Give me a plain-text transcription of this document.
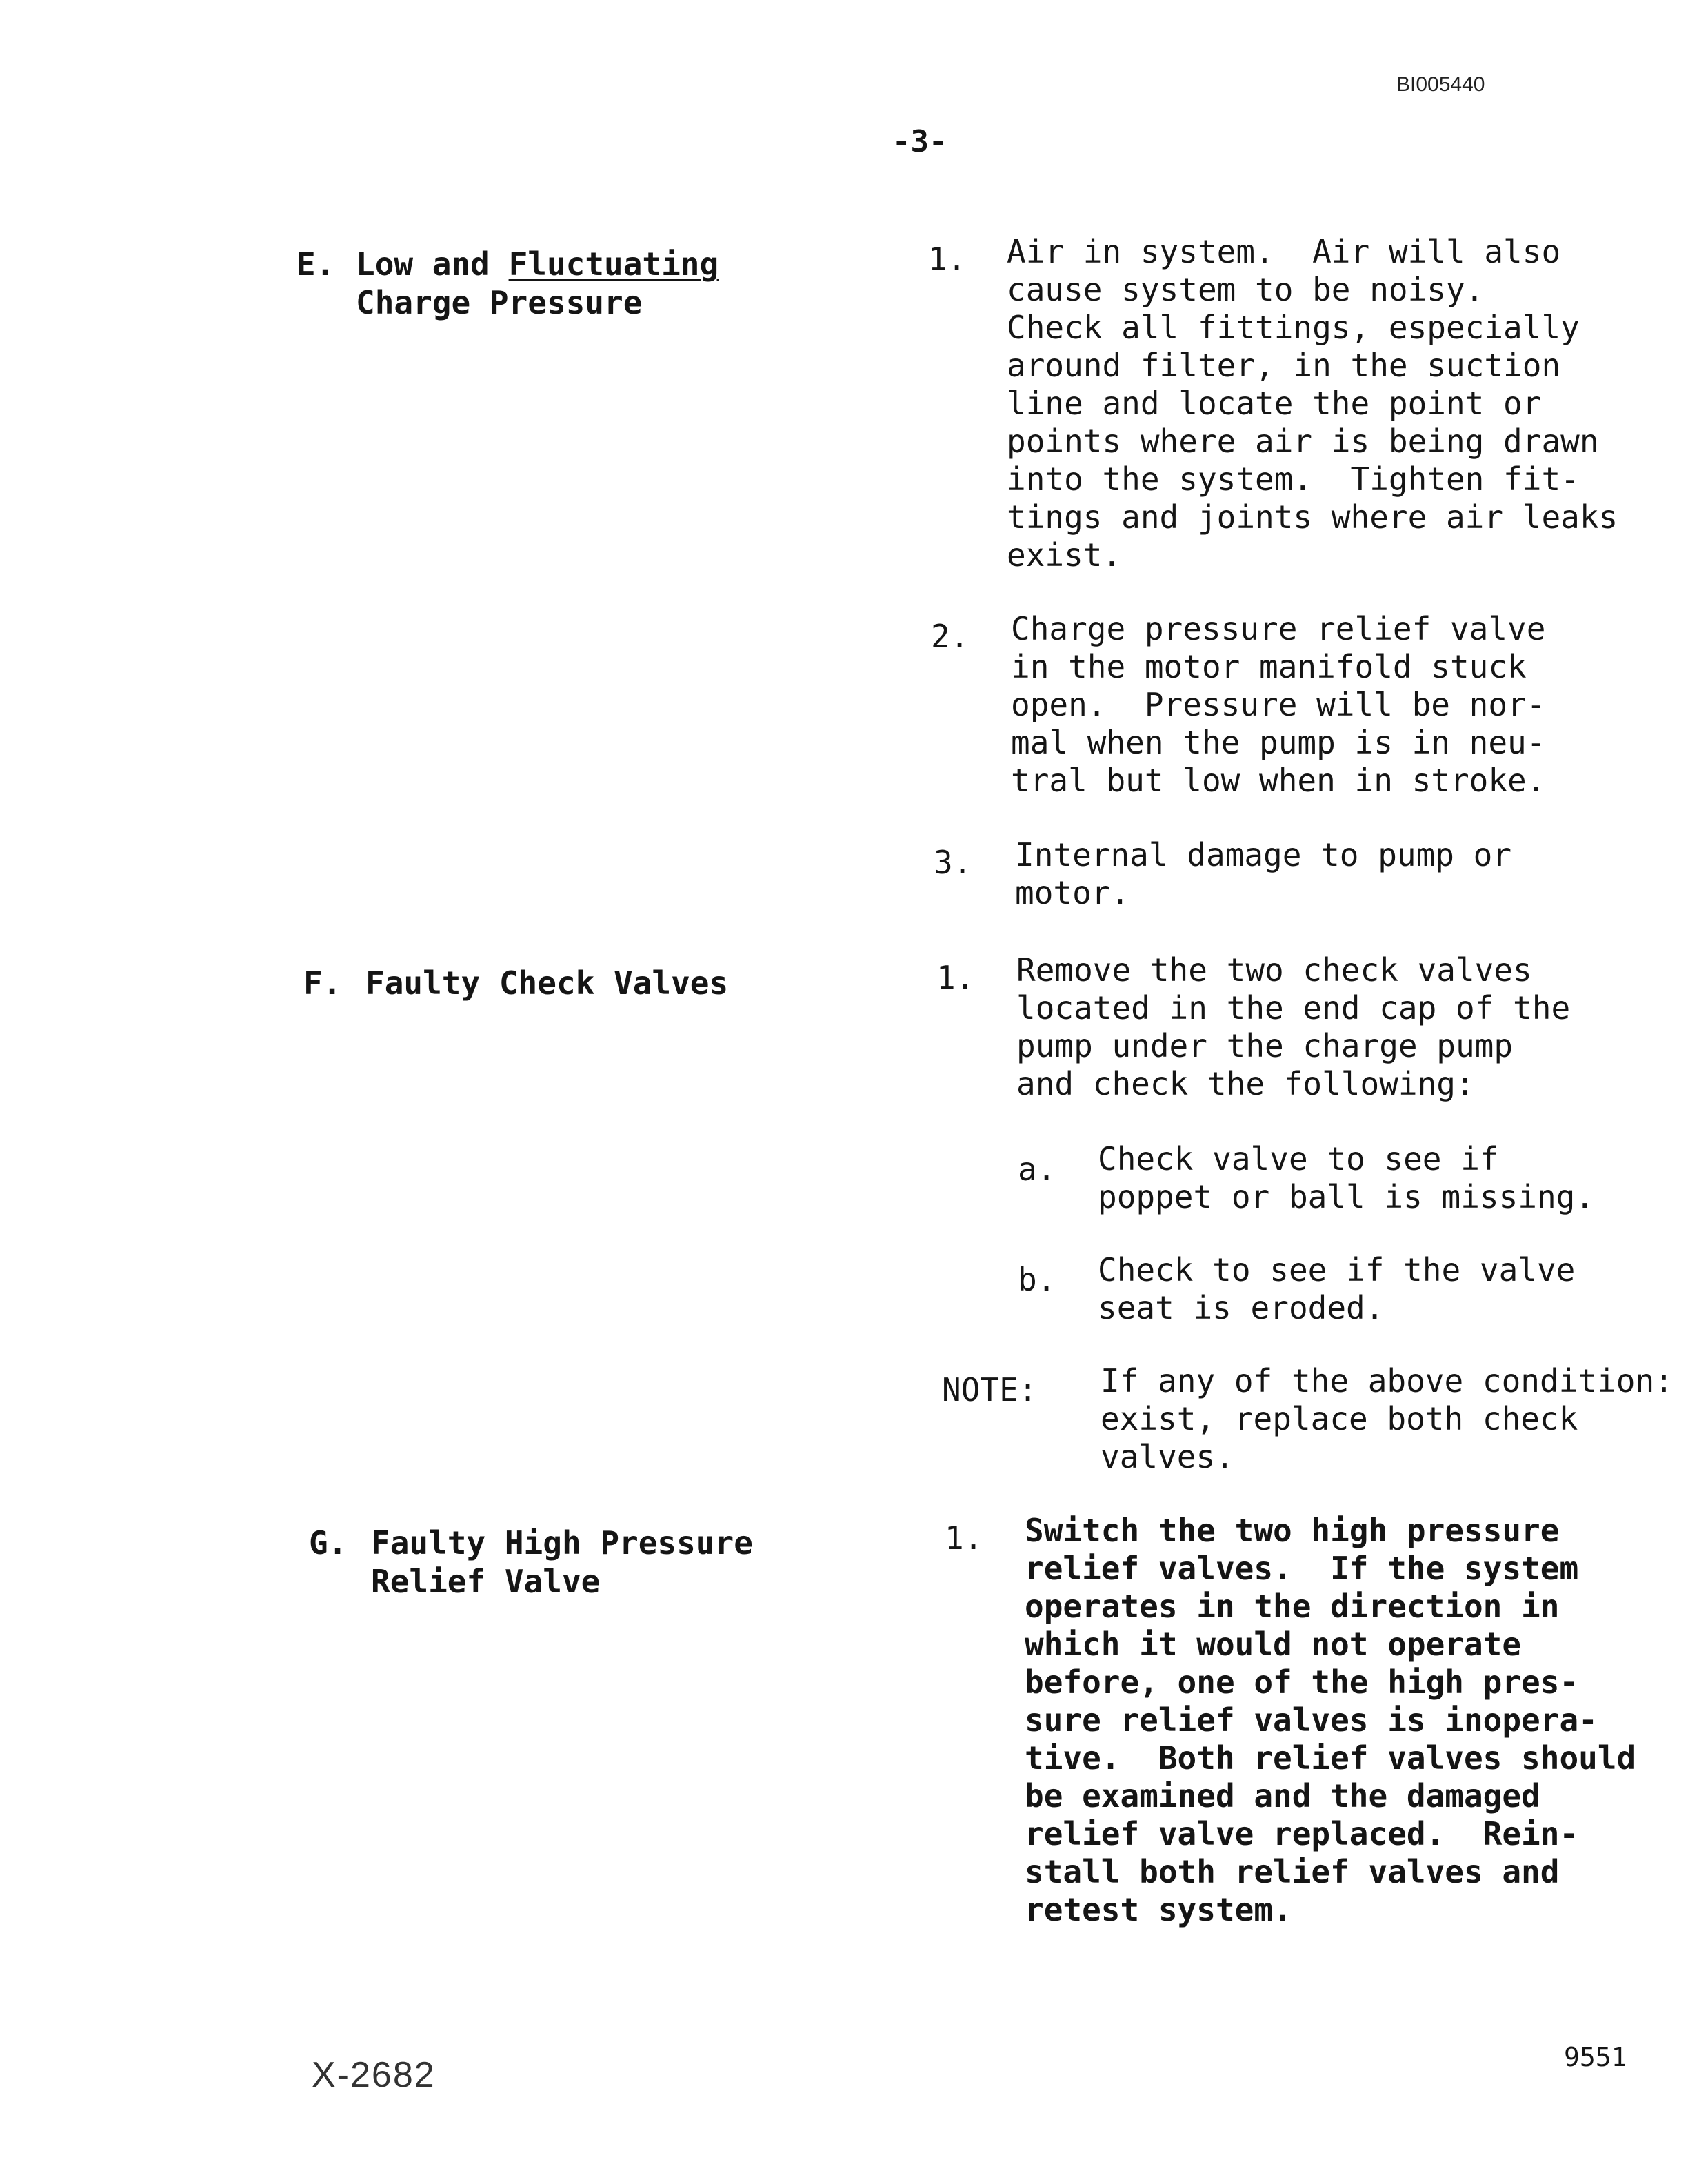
BI005440
-3-
E. Low and Fluctuating
Charge Pressure
1. Air in system.  Air will also
cause system to be noisy.
Check all fittings, especially
around filter, in the suction
line and locate the point or
points where air is being drawn
into the system.  Tighten fit-
tings and joints where air leaks
exist.
2. Charge pressure relief valve
in the motor manifold stuck
open.  Pressure will be nor-
mal when the pump is in neu-
tral but low when in stroke.
3. Internal damage to pump or
motor.
F. Faulty Check Valves	1. Remove the two check valves
located in the end cap of the
pump under the charge pump
and check the following:
a. Check valve to see if
poppet or ball is missing.
b. Check to see if the valve
seat is eroded.
NOTE: If any of the above condition:
exist, replace both check
valves.
G. Faulty High Pressure
Relief Valve
1. Switch the two high pressure
relief valves.  If the system
operates in the direction in
which it would not operate
before, one of the high pres-
sure relief valves is inopera-
tive.  Both relief valves should
be examined and the damaged
relief valve replaced.  Rein-
stall both relief valves and
retest system.
X-2682	9551
